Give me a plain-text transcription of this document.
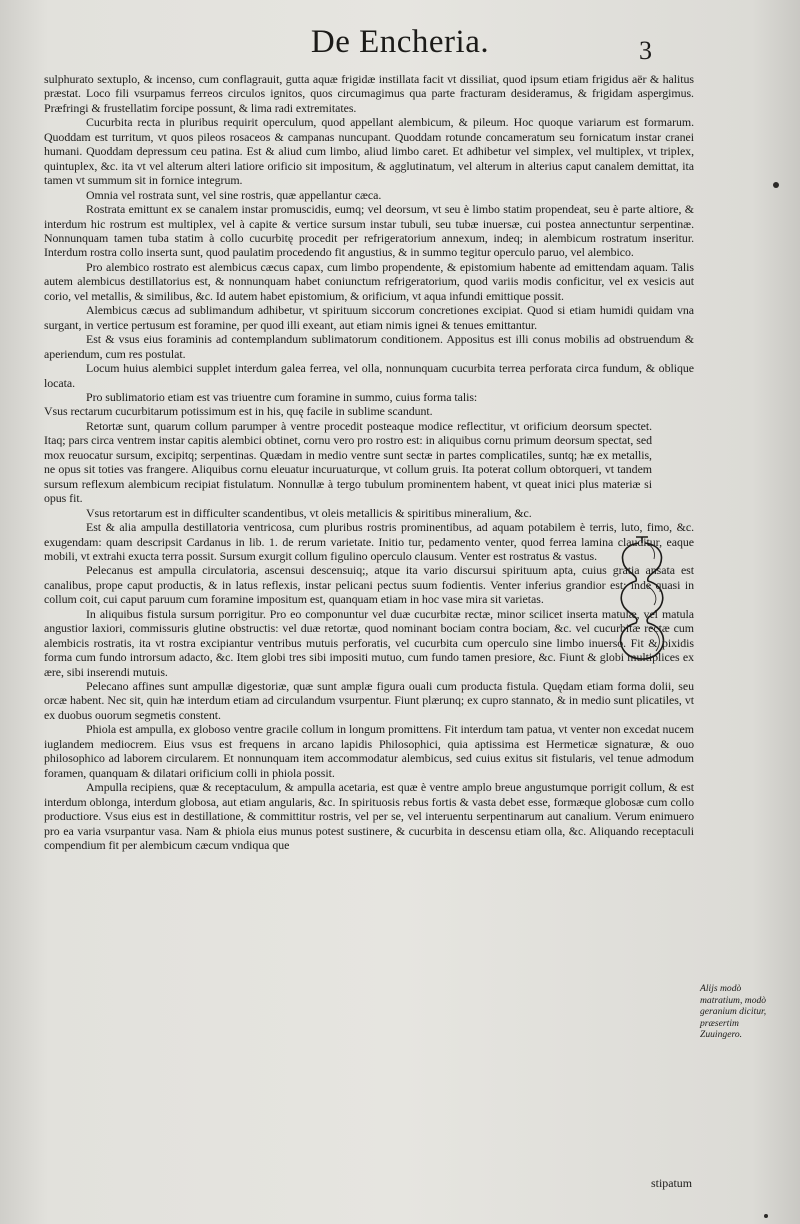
De Encheria.	3

sulphurato sextuplo, & incenso, cum conflagrauit, gutta aquæ frigidæ instillata facit vt dissiliat, quod ipsum etiam frigidus aër & halitus præstat. Loco fili vsurpamus ferreos circulos ignitos, quos circumagimus qua parte fracturam desideramus, & frigidam aspergimus. Præfringi & frustellatim forcipe possunt, & lima radi extremitates.

Cucurbita recta in pluribus requirit operculum, quod appellant alembicum, & pileum. Hoc quoque variarum est formarum. Quoddam est turritum, vt quos pileos rosaceos & campanas nuncupant. Quoddam rotunde concameratum seu fornicatum instar cranei humani. Quoddam depressum ceu patina. Est & aliud cum limbo, aliud limbo caret. Et adhibetur vel simplex, vel multiplex, vt triplex, quintuplex, &c. ita vt vel alterum alteri latiore orificio sit impositum, & agglutinatum, vel alterum in alterius caput canalem demittat, ita tamen vt summum sit in fornice integrum.

Omnia vel rostrata sunt, vel sine rostris, quæ appellantur cæca.

Rostrata emittunt ex se canalem instar promuscidis, eumq; vel deorsum, vt seu è limbo statim propendeat, seu è parte altiore, & interdum hic rostrum est multiplex, vel à capite & vertice sursum instar tubuli, seu tubæ inuersæ, cui postea annectuntur serpentinæ. Nonnunquam tamen tuba statim à collo cucurbitę procedit per refrigeratorium annexum, indeq; in alembicum rostratum inseritur. Interdum rostra collo inserta sunt, quod paulatim procedendo fit angustius, & in summo tegitur operculo paruo, vel alembico.

Pro alembico rostrato est alembicus cæcus capax, cum limbo propendente, & epistomium habente ad emittendam aquam. Talis autem alembicus destillatorius est, & nonnunquam habet coniunctum refrigeratorium, quod variis modis conficitur, vel ex vesicis aut corio, vel metallis, & similibus, &c. Id autem habet epistomium, & orificium, vt aqua infundi emittique possit.

Alembicus cæcus ad sublimandum adhibetur, vt spirituum siccorum concretiones excipiat. Quod si etiam humidi quidam vna surgant, in vertice pertusum est foramine, per quod illi exeant, aut etiam nimis ignei & tenues emittantur.

Est & vsus eius foraminis ad contemplandum sublimatorum conditionem. Appositus est illi conus mobilis ad obstruendum & aperiendum, cum res postulat.

Locum huius alembici supplet interdum galea ferrea, vel olla, nonnunquam cucurbita terrea perforata circa fundum, & oblique locata.

Pro sublimatorio etiam est vas triuentre cum foramine in summo, cuius forma talis:

Vsus rectarum cucurbitarum potissimum est in his, quę facile in sublime scandunt.

Retortæ sunt, quarum collum parumper à ventre procedit posteaque modice reflectitur, vt orificium deorsum spectet. Itaq; pars circa ventrem instar capitis alembici obtinet, cornu vero pro rostro est: in aliquibus cornu primum deorsum spectat, sed mox reuocatur sursum, excipitq; serpentinas. Quædam in medio ventre sunt sectæ in partes complicatiles, suntq; hæ ex metallis, ne opus sit toties vas frangere. Aliquibus cornu eleuatur incuruaturque, vt collum gruis. Ita poterat collum obtorqueri, vt tandem sursum reflexum alembicum recipiat fistulatum. Nonnullæ à tergo tubulum prominentem habent, vt queat inici plus materiæ si opus fit.

Vsus retortarum est in difficulter scandentibus, vt oleis metallicis & spiritibus mineralium, &c.

Est & alia ampulla destillatoria ventricosa, cum pluribus rostris prominentibus, ad aquam potabilem è terris, luto, fimo, &c. exugendam: quam descripsit Cardanus in lib. 1. de rerum varietate. Initio tur, pedamento venter, quod ferrea lamina clauditur, eaque mobili, vt extrahi exucta terra possit. Sursum exurgit collum figulino operculo clausum. Venter est rostratus & vastus.

Pelecanus est ampulla circulatoria, ascensui descensuiq;, atque ita vario discursui spirituum apta, cuius gratia ansata est canalibus, prope caput productis, & in latus reflexis, instar pelicani pectus suum fodientis. Venter inferius grandior est: inde quasi in collum coit, cui caput paruum cum foramine impositum est, quanquam etiam in hoc vase mira sit varietas.

In aliquibus fistula sursum porrigitur. Pro eo componuntur vel duæ cucurbitæ rectæ, minor scilicet inserta matulæ, vel matula angustior laxiori, commissuris glutine obstructis: vel duæ retortæ, quod nominant bociam contra bociam, &c. vel cucurbitæ rectæ cum alembicis rostratis, ita vt rostra excipiantur ventribus mutuis perforatis, vel cucurbita cum operculo sine limbo inuerso. Fit & pixidis forma cum fundo introrsum adacto, &c. Item globi tres sibi impositi mutuo, cum fundo tamen presiore, &c. Fiunt & globi multiplices ex ære, sibi inserendi mutuis.

Pelecano affines sunt ampullæ digestoriæ, quæ sunt amplæ figura ouali cum producta fistula. Quędam etiam forma dolii, seu orcæ habent. Nec sit, quin hæ interdum etiam ad circulandum vsurpentur. Fiunt plærunq; ex cupro stannato, & in medio sunt plicatiles, vt ex duobus ouorum segmetis constent.

Phiola est ampulla, ex globoso ventre gracile collum in longum promittens. Fit interdum tam patua, vt venter non excedat nucem iuglandem mediocrem. Eius vsus est frequens in arcano lapidis Philosophici, quia aptissima est Hermeticæ signaturæ, & ouo philosophico ad laborem circularem. Et nonnunquam item accommodatur alembicus, sed cuius exitus sit fistularis, vel tenue admodum foramen, quanquam & dilatari orificium colli in phiola possit.

Ampulla recipiens, quæ & receptaculum, & ampulla acetaria, est quæ è ventre amplo breue angustumque porrigit collum, & est interdum oblonga, interdum globosa, aut etiam angularis, &c. In spirituosis rebus fortis & vasta debet esse, formæque globosæ cum collo productiore. Vsus eius est in destillatione, & committitur rostris, vel per se, vel interuentu serpentinarum aut canalium. Verum enimuero pro ea varia vsurpantur vasa. Nam & phiola eius munus potest sustinere, & cucurbita in descensu etiam olla, &c. Aliquando receptaculi compendium fit per alembicum cæcum vndiqua que

Alijs modò matratium, modò geranium dicitur, præsertim Zuuingero.
stipatum
